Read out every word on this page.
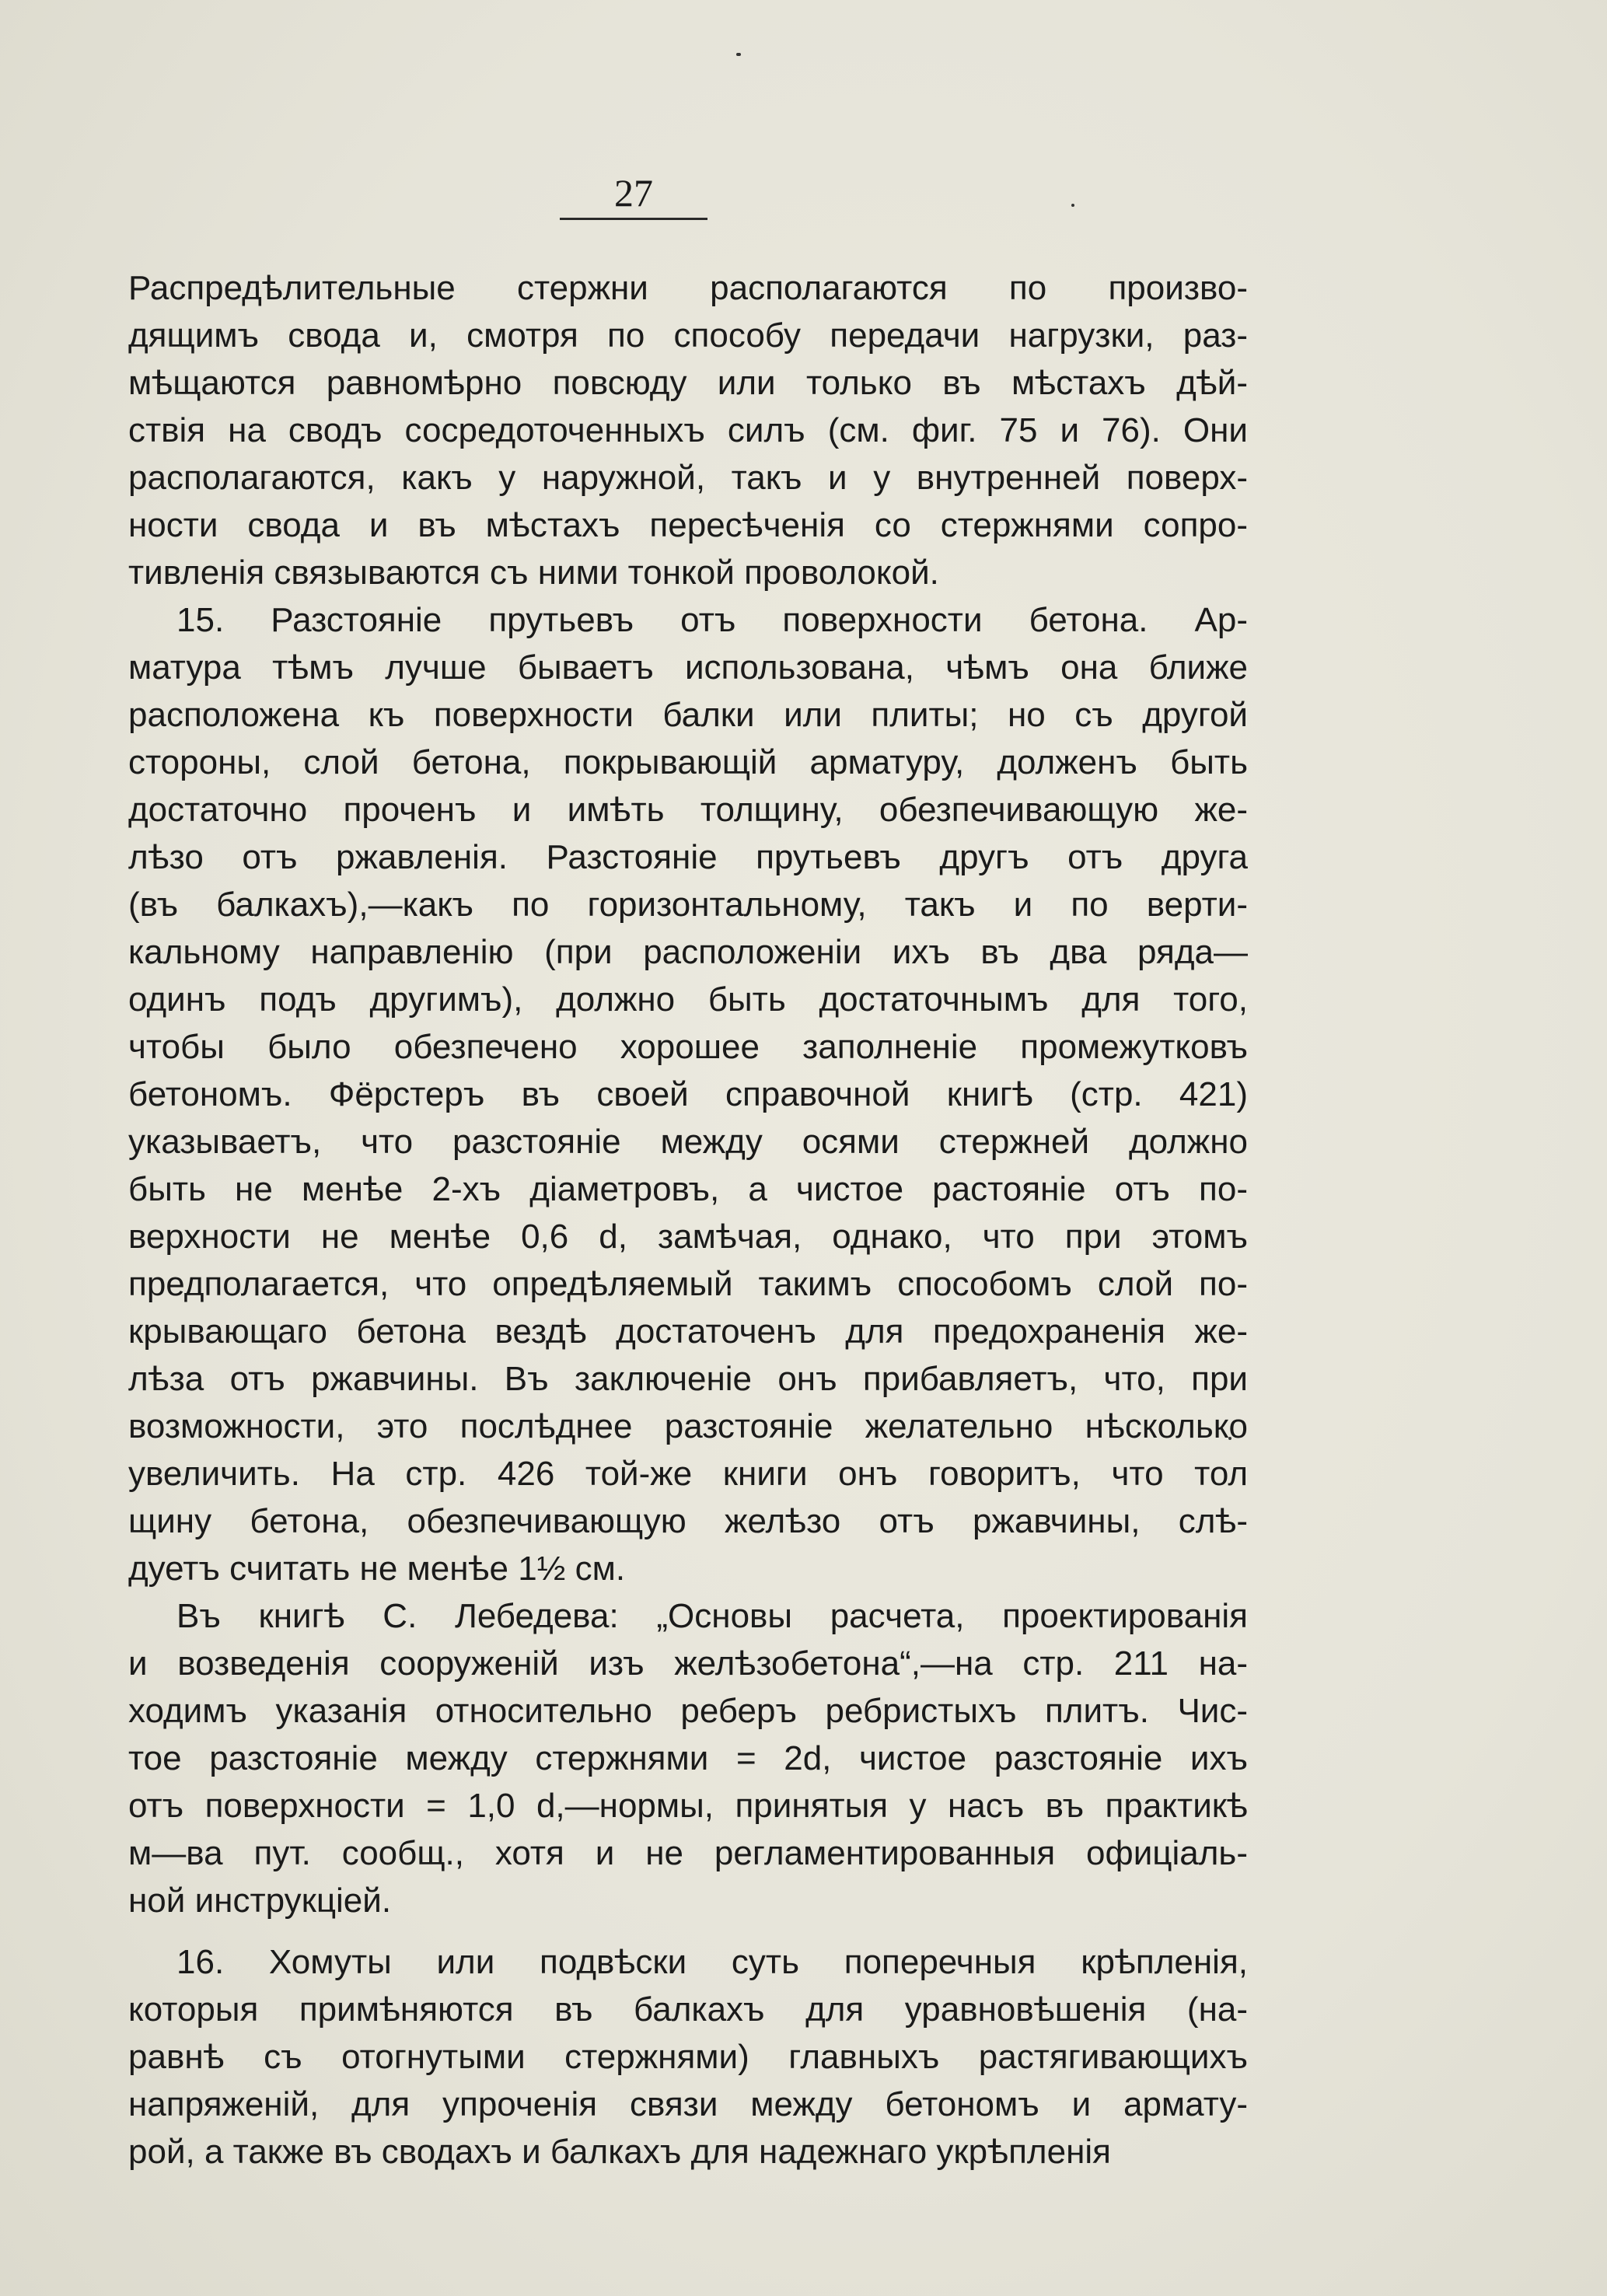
27
Распредѣлительные стержни располагаются по произво-
дящимъ свода и, смотря по способу передачи нагрузки, раз-
мѣщаются равномѣрно повсюду или только въ мѣстахъ дѣй-
ствія на сводъ сосредоточенныхъ силъ (см. фиг. 75 и 76). Они
располагаются, какъ у наружной, такъ и у внутренней поверх-
ности свода и въ мѣстахъ пересѣченія со стержнями сопро-
тивленія связываются съ ними тонкой проволокой.
15. Разстояніе прутьевъ отъ поверхности бетона. Ар-
матура тѣмъ лучше бываетъ использована, чѣмъ она ближе
расположена къ поверхности балки или плиты; но съ другой
стороны, слой бетона, покрывающій арматуру, долженъ быть
достаточно проченъ и имѣть толщину, обезпечивающую же-
лѣзо отъ ржавленія. Разстояніе прутьевъ другъ отъ друга
(въ балкахъ),—какъ по горизонтальному, такъ и по верти-
кальному направленію (при расположеніи ихъ въ два ряда—
одинъ подъ другимъ), должно быть достаточнымъ для того,
чтобы было обезпечено хорошее заполненіе промежутковъ
бетономъ. Фёрстеръ въ своей справочной книгѣ (стр. 421)
указываетъ, что разстояніе между осями стержней должно
быть не менѣе 2-хъ діаметровъ, а чистое растояніе отъ по-
верхности не менѣе 0,6 d, замѣчая, однако, что при этомъ
предполагается, что опредѣляемый такимъ способомъ слой по-
крывающаго бетона вездѣ достаточенъ для предохраненія же-
лѣза отъ ржавчины. Въ заключеніе онъ прибавляетъ, что, при
возможности, это послѣднее разстояніе желательно нѣсколько
увеличить. На стр. 426 той-же книги онъ говоритъ, что тол
щину бетона, обезпечивающую желѣзо отъ ржавчины, слѣ-
дуетъ считать не менѣе 1½ см.
Въ книгѣ С. Лебедева: „Основы расчета, проектированія
и возведенія сооруженій изъ желѣзобетона“,—на стр. 211 на-
ходимъ указанія относительно реберъ ребристыхъ плитъ. Чис-
тое разстояніе между стержнями = 2d, чистое разстояніе ихъ
отъ поверхности = 1,0 d,—нормы, принятыя у насъ въ практикѣ
м—ва пут. сообщ., хотя и не регламентированныя офиціаль-
ной инструкціей.
16. Хомуты или подвѣски суть поперечныя крѣпленія,
которыя примѣняются въ балкахъ для уравновѣшенія (на-
равнѣ съ отогнутыми стержнями) главныхъ растягивающихъ
напряженій, для упроченія связи между бетономъ и армату-
рой, а также въ сводахъ и балкахъ для надежнаго укрѣпленія
